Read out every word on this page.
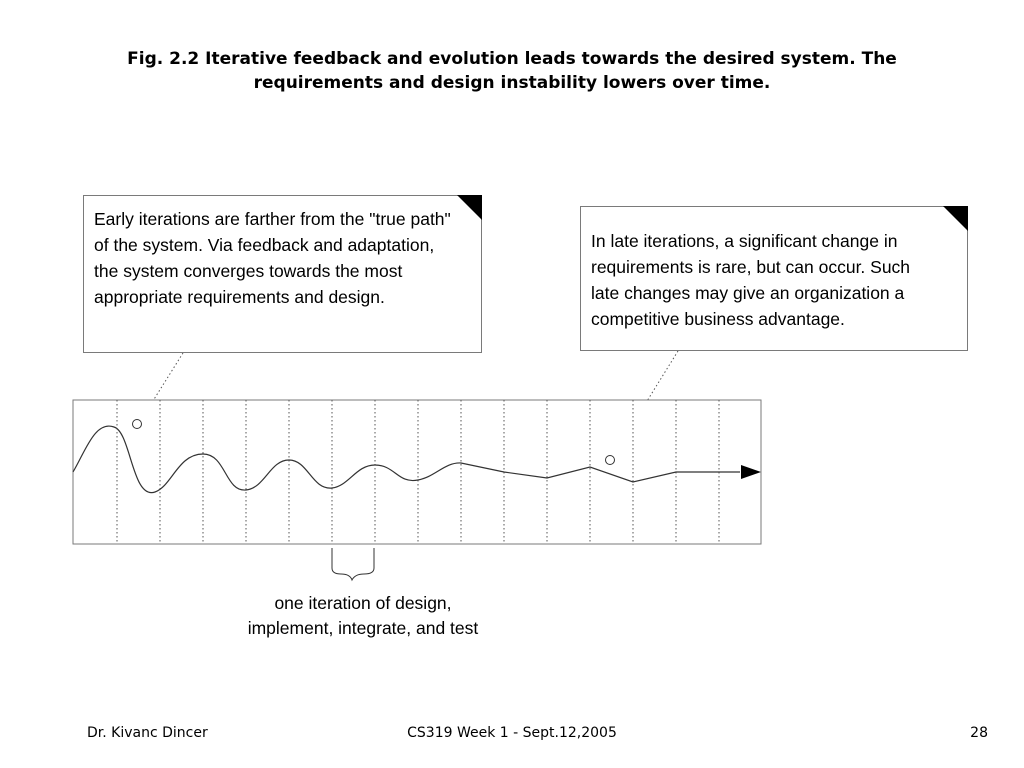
Fig. 2.2 Iterative feedback and evolution leads towards the desired system. The
requirements and design instability lowers over time.
Early iterations are farther from the "true path" of the system. Via feedback and adaptation, the system converges towards the most appropriate requirements and design.
In late iterations, a significant change in requirements is rare, but can occur. Such late changes may give an organization a competitive business advantage.
one iteration of design,
implement, integrate, and test
Dr. Kivanc Dincer	CS319 Week 1 - Sept.12,2005	28
